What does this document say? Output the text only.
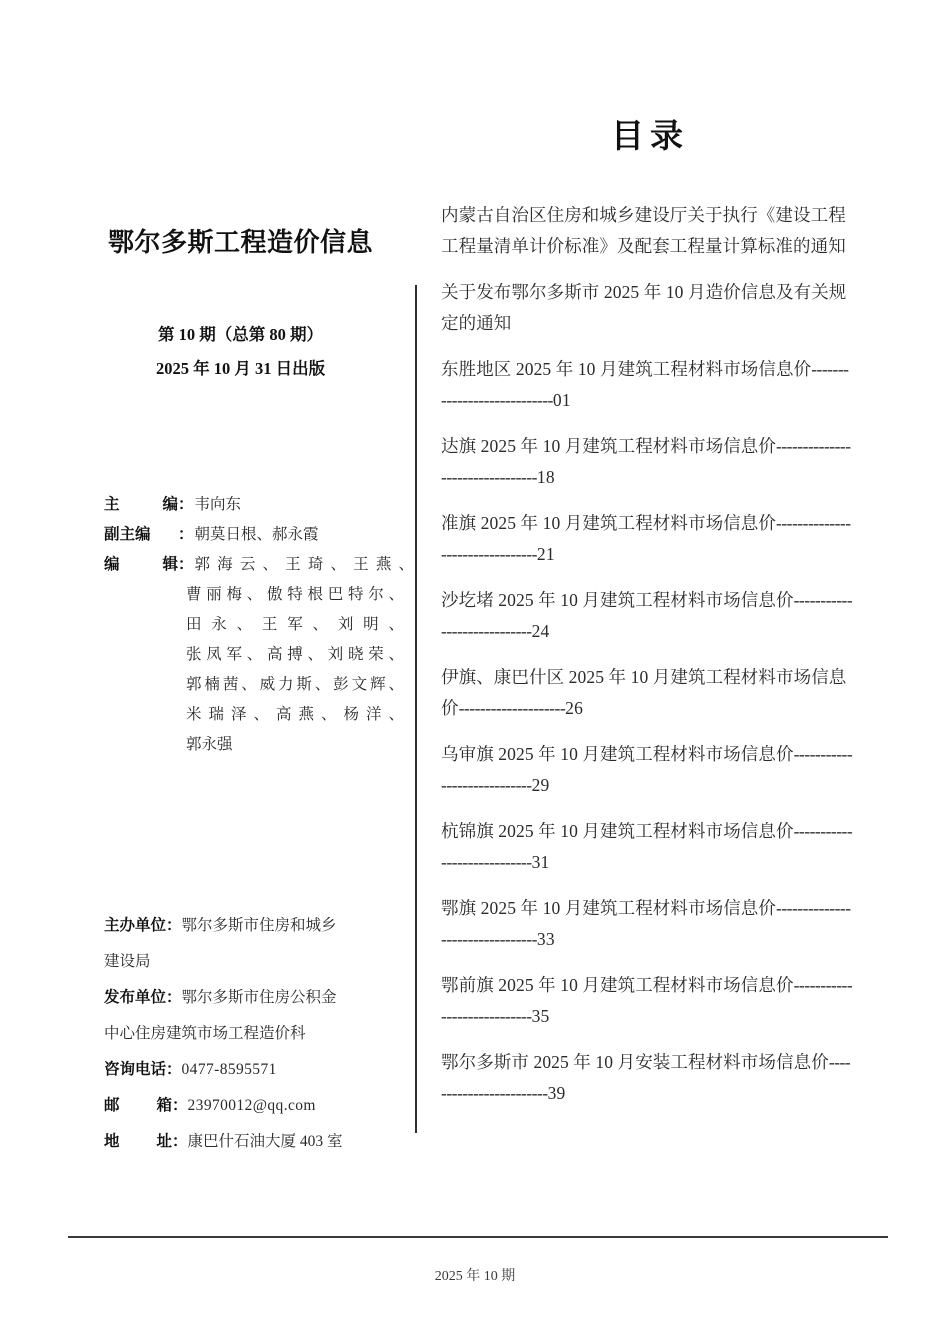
鄂尔多斯工程造价信息
第 10 期（总第 80 期）
2025 年 10 月 31 日出版
主	编 ： 韦向东
副主编	： 朝莫日根、郝永霞
编	辑 ： 郭海云、王琦、王燕、
曹丽梅、傲特根巴特尔、
田永、王军、刘明、
张凤军、高搏、刘晓荣、
郭楠茜、威力斯、彭文辉、
米瑞泽、高燕、杨洋、
郭永强
主办单位 ： 鄂尔多斯市住房和城乡
建设局
发布单位 ： 鄂尔多斯市住房公积金
中心住房建筑市场工程造价科
咨询电话 ： 0477-8595571
邮 箱 ： 23970012@qq.com
地 址 ： 康巴什石油大厦 403 室
目录
内蒙古自治区住房和城乡建设厅关于执行《建设工程工程量清单计价标准》及配套工程量计算标准的通知
关于发布鄂尔多斯市 2025 年 10 月造价信息及有关规定的通知
东胜地区 2025 年 10 月建筑工程材料市场信息价----------------------------01
达旗 2025 年 10 月建筑工程材料市场信息价--------------------------------18
准旗 2025 年 10 月建筑工程材料市场信息价--------------------------------21
沙圪堵 2025 年 10 月建筑工程材料市场信息价----------------------------24
伊旗、康巴什区 2025 年 10 月建筑工程材料市场信息价--------------------26
乌审旗 2025 年 10 月建筑工程材料市场信息价----------------------------29
杭锦旗 2025 年 10 月建筑工程材料市场信息价----------------------------31
鄂旗 2025 年 10 月建筑工程材料市场信息价--------------------------------33
鄂前旗 2025 年 10 月建筑工程材料市场信息价----------------------------35
鄂尔多斯市 2025 年 10 月安装工程材料市场信息价------------------------39
2025 年 10 期
